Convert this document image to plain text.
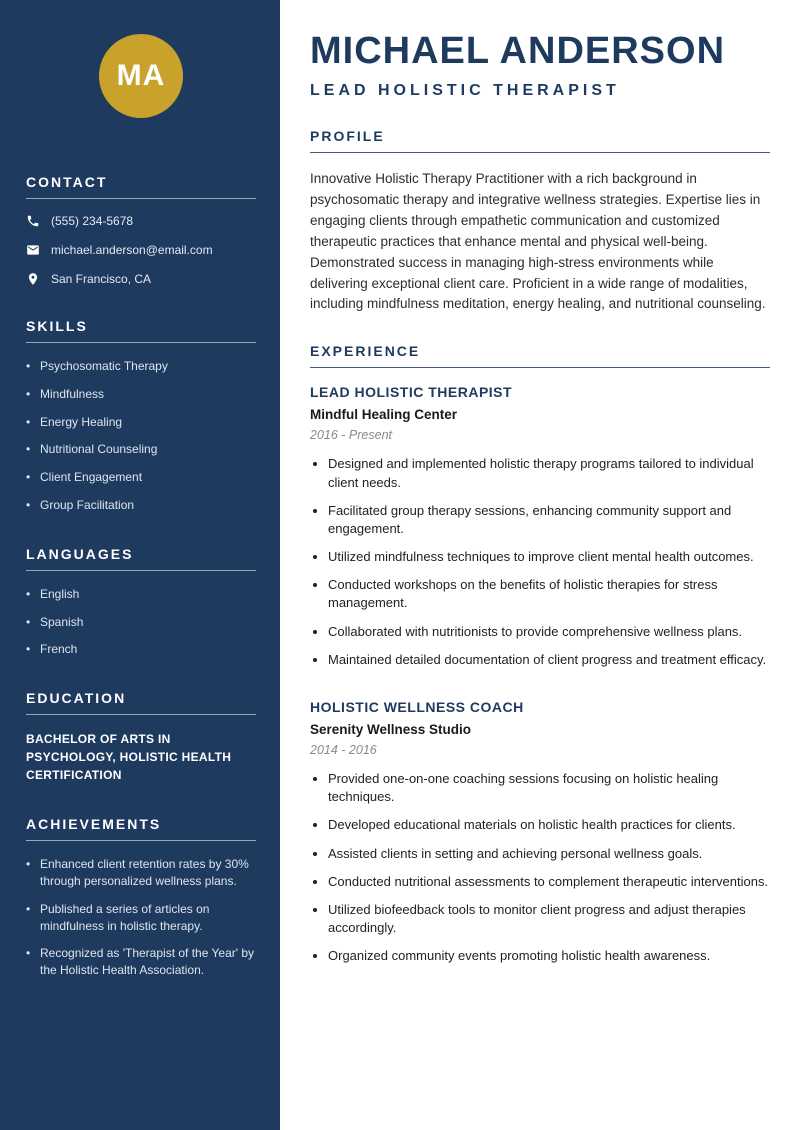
MA
CONTACT
(555) 234-5678
michael.anderson@email.com
San Francisco, CA
SKILLS
• Psychosomatic Therapy
• Mindfulness
• Energy Healing
• Nutritional Counseling
• Client Engagement
• Group Facilitation
LANGUAGES
• English
• Spanish
• French
EDUCATION
BACHELOR OF ARTS IN PSYCHOLOGY, HOLISTIC HEALTH CERTIFICATION
ACHIEVEMENTS
• Enhanced client retention rates by 30% through personalized wellness plans.
• Published a series of articles on mindfulness in holistic therapy.
• Recognized as 'Therapist of the Year' by the Holistic Health Association.
MICHAEL ANDERSON
LEAD HOLISTIC THERAPIST
PROFILE

Innovative Holistic Therapy Practitioner with a rich background in psychosomatic therapy and integrative wellness strategies. Expertise lies in engaging clients through empathetic communication and customized therapeutic practices that enhance mental and physical well-being. Demonstrated success in managing high-stress environments while delivering exceptional client care. Proficient in a wide range of modalities, including mindfulness meditation, energy healing, and nutritional counseling.

EXPERIENCE
LEAD HOLISTIC THERAPIST
Mindful Healing Center
2016 - Present
• Designed and implemented holistic therapy programs tailored to individual client needs.
• Facilitated group therapy sessions, enhancing community support and engagement.
• Utilized mindfulness techniques to improve client mental health outcomes.
• Conducted workshops on the benefits of holistic therapies for stress management.
• Collaborated with nutritionists to provide comprehensive wellness plans.
• Maintained detailed documentation of client progress and treatment efficacy.
HOLISTIC WELLNESS COACH
Serenity Wellness Studio
2014 - 2016
• Provided one-on-one coaching sessions focusing on holistic healing techniques.
• Developed educational materials on holistic health practices for clients.
• Assisted clients in setting and achieving personal wellness goals.
• Conducted nutritional assessments to complement therapeutic interventions.
• Utilized biofeedback tools to monitor client progress and adjust therapies accordingly.
• Organized community events promoting holistic health awareness.
